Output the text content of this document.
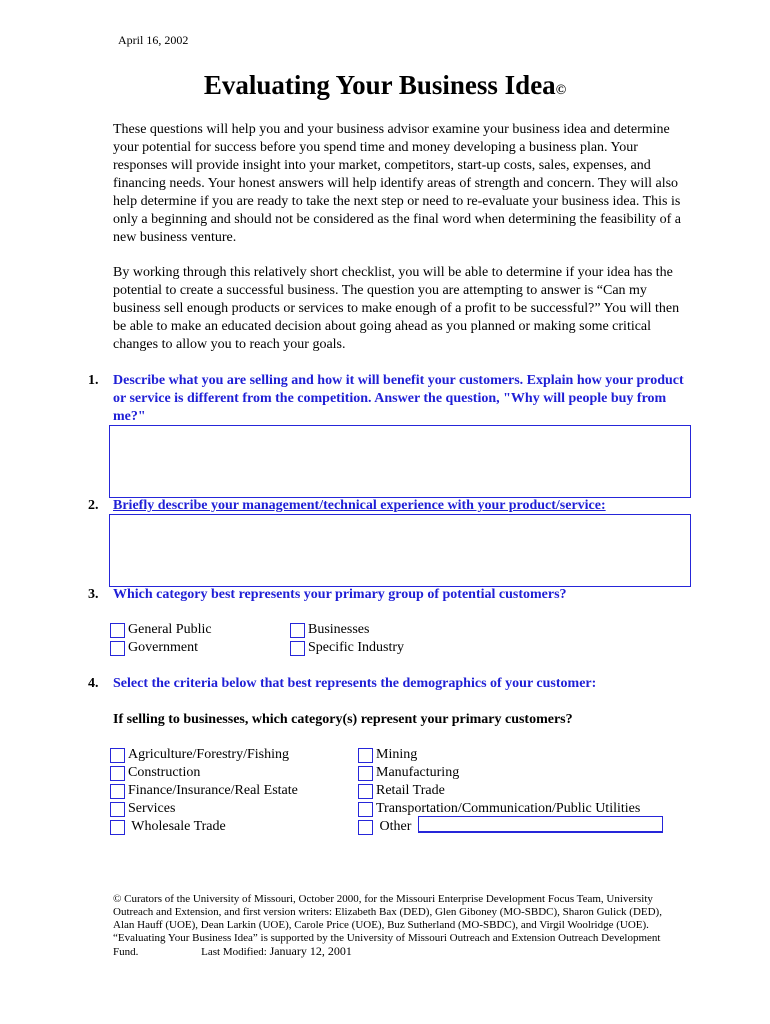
April 16, 2002
Evaluating Your Business Idea©
These questions will help you and your business advisor examine your business idea and determine your potential for success before you spend time and money developing a business plan. Your responses will provide insight into your market, competitors, start-up costs, sales, expenses, and financing needs. Your honest answers will help identify areas of strength and concern. They will also help determine if you are ready to take the next step or need to re-evaluate your business idea. This is only a beginning and should not be considered as the final word when determining the feasibility of a new business venture.
By working through this relatively short checklist, you will be able to determine if your idea has the potential to create a successful business. The question you are attempting to answer is “Can my business sell enough products or services to make enough of a profit to be successful?” You will then be able to make an educated decision about going ahead as you planned or making some critical changes to allow you to reach your goals.
1. Describe what you are selling and how it will benefit your customers. Explain how your product or service is different from the competition. Answer the question, "Why will people buy from me?"
2. Briefly describe your management/technical experience with your product/service:
3. Which category best represents your primary group of potential customers?
General Public
Government
Businesses
Specific Industry
4. Select the criteria below that best represents the demographics of your customer:
If selling to businesses, which category(s) represent your primary customers?
Agriculture/Forestry/Fishing
Construction
Finance/Insurance/Real Estate
Services
Wholesale Trade
Mining
Manufacturing
Retail Trade
Transportation/Communication/Public Utilities
Other
© Curators of the University of Missouri, October 2000, for the Missouri Enterprise Development Focus Team, University Outreach and Extension, and first version writers: Elizabeth Bax (DED), Glen Giboney (MO-SBDC), Sharon Gulick (DED), Alan Hauff (UOE), Dean Larkin (UOE), Carole Price (UOE), Buz Sutherland (MO-SBDC), and Virgil Woolridge (UOE). “Evaluating Your Business Idea” is supported by the University of Missouri Outreach and Extension Outreach Development Fund.	Last Modified: January 12, 2001
